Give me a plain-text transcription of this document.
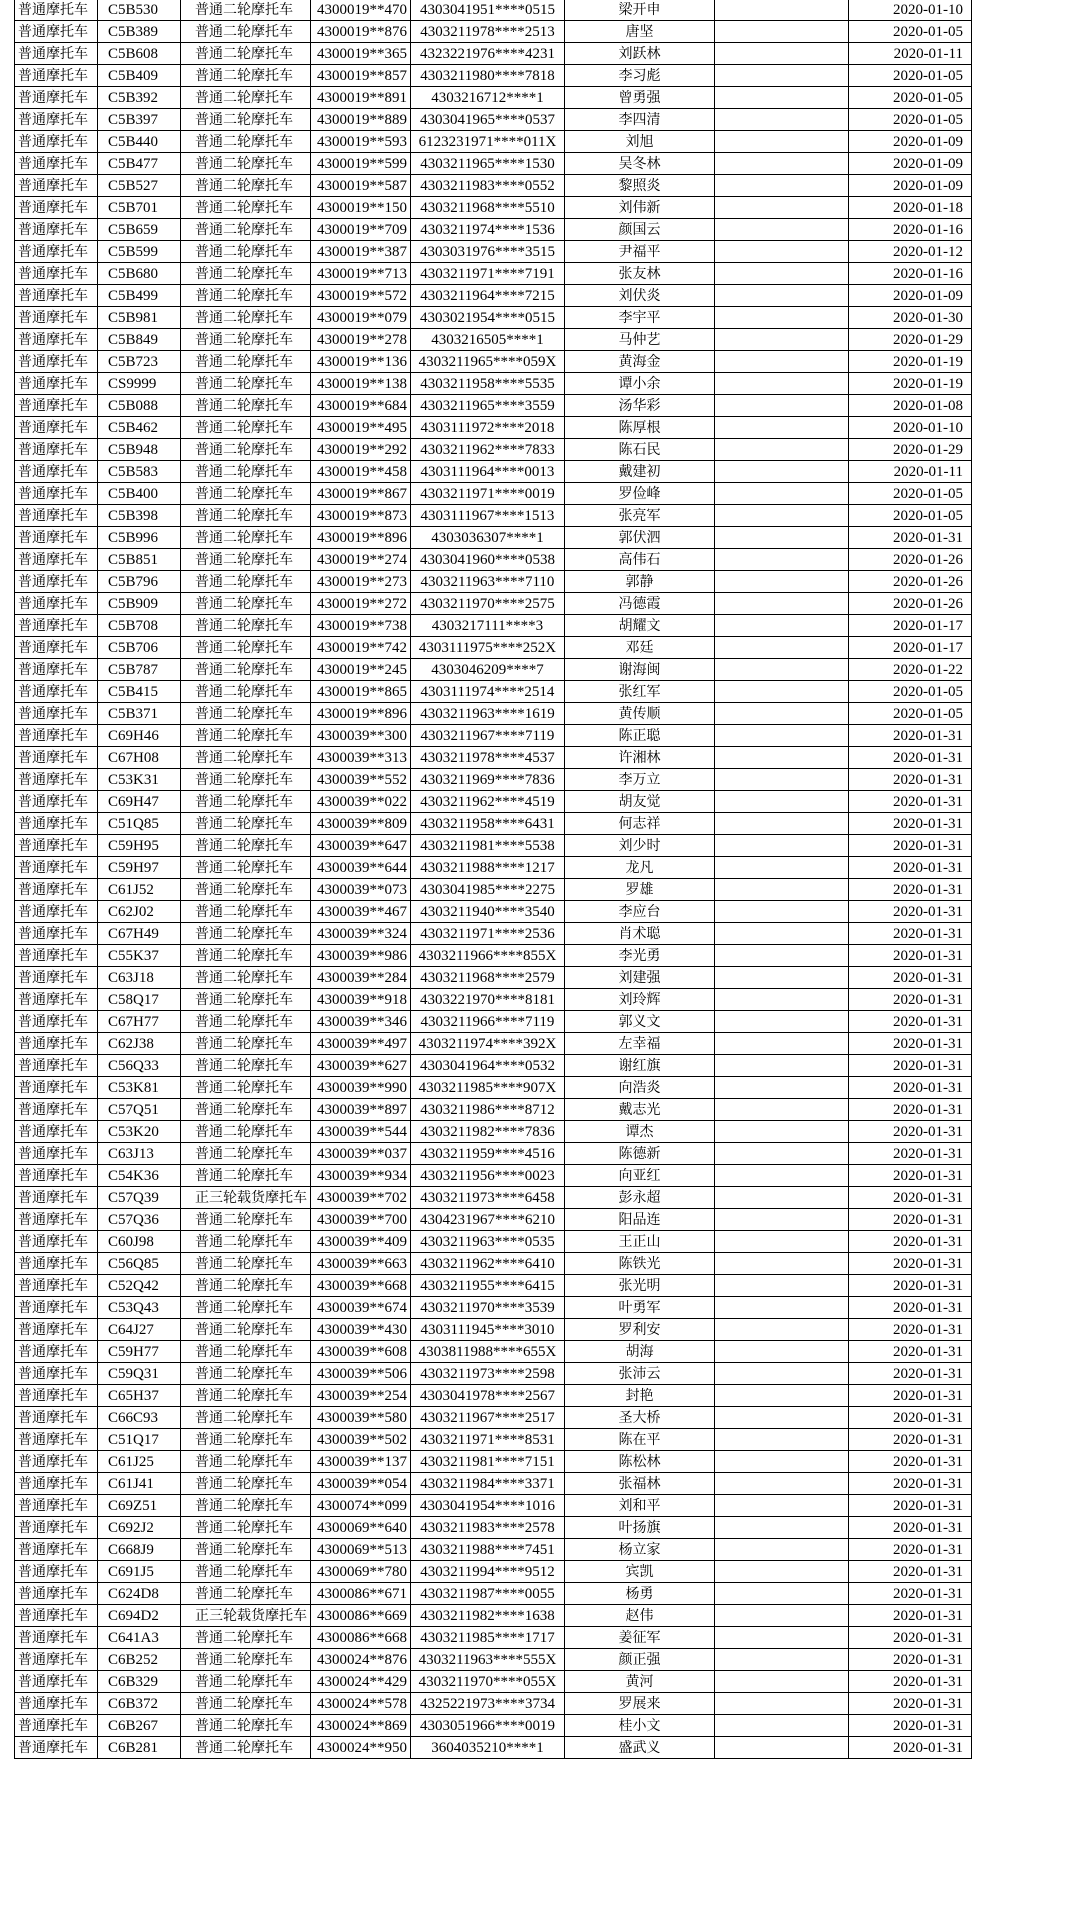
普通摩托车	C5B530	普通二轮摩托车	4300019**470	4303041951****0515	梁开申		2020-01-10
普通摩托车	C5B389	普通二轮摩托车	4300019**876	4303211978****2513	唐坚		2020-01-05
普通摩托车	C5B608	普通二轮摩托车	4300019**365	4323221976****4231	刘跃林		2020-01-11
普通摩托车	C5B409	普通二轮摩托车	4300019**857	4303211980****7818	李习彪		2020-01-05
普通摩托车	C5B392	普通二轮摩托车	4300019**891	4303216712****1	曾勇强		2020-01-05
普通摩托车	C5B397	普通二轮摩托车	4300019**889	4303041965****0537	李四清		2020-01-05
普通摩托车	C5B440	普通二轮摩托车	4300019**593	6123231971****011X	刘旭		2020-01-09
普通摩托车	C5B477	普通二轮摩托车	4300019**599	4303211965****1530	吴冬林		2020-01-09
普通摩托车	C5B527	普通二轮摩托车	4300019**587	4303211983****0552	黎照炎		2020-01-09
普通摩托车	C5B701	普通二轮摩托车	4300019**150	4303211968****5510	刘伟新		2020-01-18
普通摩托车	C5B659	普通二轮摩托车	4300019**709	4303211974****1536	颜国云		2020-01-16
普通摩托车	C5B599	普通二轮摩托车	4300019**387	4303031976****3515	尹福平		2020-01-12
普通摩托车	C5B680	普通二轮摩托车	4300019**713	4303211971****7191	张友林		2020-01-16
普通摩托车	C5B499	普通二轮摩托车	4300019**572	4303211964****7215	刘伏炎		2020-01-09
普通摩托车	C5B981	普通二轮摩托车	4300019**079	4303021954****0515	李宇平		2020-01-30
普通摩托车	C5B849	普通二轮摩托车	4300019**278	4303216505****1	马仲艺		2020-01-29
普通摩托车	C5B723	普通二轮摩托车	4300019**136	4303211965****059X	黄海金		2020-01-19
普通摩托车	CS9999	普通二轮摩托车	4300019**138	4303211958****5535	谭小余		2020-01-19
普通摩托车	C5B088	普通二轮摩托车	4300019**684	4303211965****3559	汤华彩		2020-01-08
普通摩托车	C5B462	普通二轮摩托车	4300019**495	4303111972****2018	陈厚根		2020-01-10
普通摩托车	C5B948	普通二轮摩托车	4300019**292	4303211962****7833	陈石民		2020-01-29
普通摩托车	C5B583	普通二轮摩托车	4300019**458	4303111964****0013	戴建初		2020-01-11
普通摩托车	C5B400	普通二轮摩托车	4300019**867	4303211971****0019	罗俭峰		2020-01-05
普通摩托车	C5B398	普通二轮摩托车	4300019**873	4303111967****1513	张亮军		2020-01-05
普通摩托车	C5B996	普通二轮摩托车	4300019**896	4303036307****1	郭伏泗		2020-01-31
普通摩托车	C5B851	普通二轮摩托车	4300019**274	4303041960****0538	高伟石		2020-01-26
普通摩托车	C5B796	普通二轮摩托车	4300019**273	4303211963****7110	郭静		2020-01-26
普通摩托车	C5B909	普通二轮摩托车	4300019**272	4303211970****2575	冯德霞		2020-01-26
普通摩托车	C5B708	普通二轮摩托车	4300019**738	4303217111****3	胡耀文		2020-01-17
普通摩托车	C5B706	普通二轮摩托车	4300019**742	4303111975****252X	邓廷		2020-01-17
普通摩托车	C5B787	普通二轮摩托车	4300019**245	4303046209****7	谢海闽		2020-01-22
普通摩托车	C5B415	普通二轮摩托车	4300019**865	4303111974****2514	张红军		2020-01-05
普通摩托车	C5B371	普通二轮摩托车	4300019**896	4303211963****1619	黄传顺		2020-01-05
普通摩托车	C69H46	普通二轮摩托车	4300039**300	4303211967****7119	陈正聪		2020-01-31
普通摩托车	C67H08	普通二轮摩托车	4300039**313	4303211978****4537	许湘林		2020-01-31
普通摩托车	C53K31	普通二轮摩托车	4300039**552	4303211969****7836	李万立		2020-01-31
普通摩托车	C69H47	普通二轮摩托车	4300039**022	4303211962****4519	胡友觉		2020-01-31
普通摩托车	C51Q85	普通二轮摩托车	4300039**809	4303211958****6431	何志祥		2020-01-31
普通摩托车	C59H95	普通二轮摩托车	4300039**647	4303211981****5538	刘少时		2020-01-31
普通摩托车	C59H97	普通二轮摩托车	4300039**644	4303211988****1217	龙凡		2020-01-31
普通摩托车	C61J52	普通二轮摩托车	4300039**073	4303041985****2275	罗雄		2020-01-31
普通摩托车	C62J02	普通二轮摩托车	4300039**467	4303211940****3540	李应台		2020-01-31
普通摩托车	C67H49	普通二轮摩托车	4300039**324	4303211971****2536	肖术聪		2020-01-31
普通摩托车	C55K37	普通二轮摩托车	4300039**986	4303211966****855X	李光勇		2020-01-31
普通摩托车	C63J18	普通二轮摩托车	4300039**284	4303211968****2579	刘建强		2020-01-31
普通摩托车	C58Q17	普通二轮摩托车	4300039**918	4303221970****8181	刘玲辉		2020-01-31
普通摩托车	C67H77	普通二轮摩托车	4300039**346	4303211966****7119	郭义文		2020-01-31
普通摩托车	C62J38	普通二轮摩托车	4300039**497	4303211974****392X	左幸福		2020-01-31
普通摩托车	C56Q33	普通二轮摩托车	4300039**627	4303041964****0532	谢红旗		2020-01-31
普通摩托车	C53K81	普通二轮摩托车	4300039**990	4303211985****907X	向浩炎		2020-01-31
普通摩托车	C57Q51	普通二轮摩托车	4300039**897	4303211986****8712	戴志光		2020-01-31
普通摩托车	C53K20	普通二轮摩托车	4300039**544	4303211982****7836	谭杰		2020-01-31
普通摩托车	C63J13	普通二轮摩托车	4300039**037	4303211959****4516	陈德新		2020-01-31
普通摩托车	C54K36	普通二轮摩托车	4300039**934	4303211956****0023	向亚红		2020-01-31
普通摩托车	C57Q39	正三轮载货摩托车	4300039**702	4303211973****6458	彭永超		2020-01-31
普通摩托车	C57Q36	普通二轮摩托车	4300039**700	4304231967****6210	阳品连		2020-01-31
普通摩托车	C60J98	普通二轮摩托车	4300039**409	4303211963****0535	王正山		2020-01-31
普通摩托车	C56Q85	普通二轮摩托车	4300039**663	4303211962****6410	陈铁光		2020-01-31
普通摩托车	C52Q42	普通二轮摩托车	4300039**668	4303211955****6415	张光明		2020-01-31
普通摩托车	C53Q43	普通二轮摩托车	4300039**674	4303211970****3539	叶勇军		2020-01-31
普通摩托车	C64J27	普通二轮摩托车	4300039**430	4303111945****3010	罗利安		2020-01-31
普通摩托车	C59H77	普通二轮摩托车	4300039**608	4303811988****655X	胡海		2020-01-31
普通摩托车	C59Q31	普通二轮摩托车	4300039**506	4303211973****2598	张沛云		2020-01-31
普通摩托车	C65H37	普通二轮摩托车	4300039**254	4303041978****2567	封艳		2020-01-31
普通摩托车	C66C93	普通二轮摩托车	4300039**580	4303211967****2517	圣大桥		2020-01-31
普通摩托车	C51Q17	普通二轮摩托车	4300039**502	4303211971****8531	陈在平		2020-01-31
普通摩托车	C61J25	普通二轮摩托车	4300039**137	4303211981****7151	陈松林		2020-01-31
普通摩托车	C61J41	普通二轮摩托车	4300039**054	4303211984****3371	张福林		2020-01-31
普通摩托车	C69Z51	普通二轮摩托车	4300074**099	4303041954****1016	刘和平		2020-01-31
普通摩托车	C692J2	普通二轮摩托车	4300069**640	4303211983****2578	叶扬旗		2020-01-31
普通摩托车	C668J9	普通二轮摩托车	4300069**513	4303211988****7451	杨立家		2020-01-31
普通摩托车	C691J5	普通二轮摩托车	4300069**780	4303211994****9512	宾凯		2020-01-31
普通摩托车	C624D8	普通二轮摩托车	4300086**671	4303211987****0055	杨勇		2020-01-31
普通摩托车	C694D2	正三轮载货摩托车	4300086**669	4303211982****1638	赵伟		2020-01-31
普通摩托车	C641A3	普通二轮摩托车	4300086**668	4303211985****1717	姜征军		2020-01-31
普通摩托车	C6B252	普通二轮摩托车	4300024**876	4303211963****555X	颜正强		2020-01-31
普通摩托车	C6B329	普通二轮摩托车	4300024**429	4303211970****055X	黄河		2020-01-31
普通摩托车	C6B372	普通二轮摩托车	4300024**578	4325221973****3734	罗展来		2020-01-31
普通摩托车	C6B267	普通二轮摩托车	4300024**869	4303051966****0019	桂小文		2020-01-31
普通摩托车	C6B281	普通二轮摩托车	4300024**950	3604035210****1	盛武义		2020-01-31
